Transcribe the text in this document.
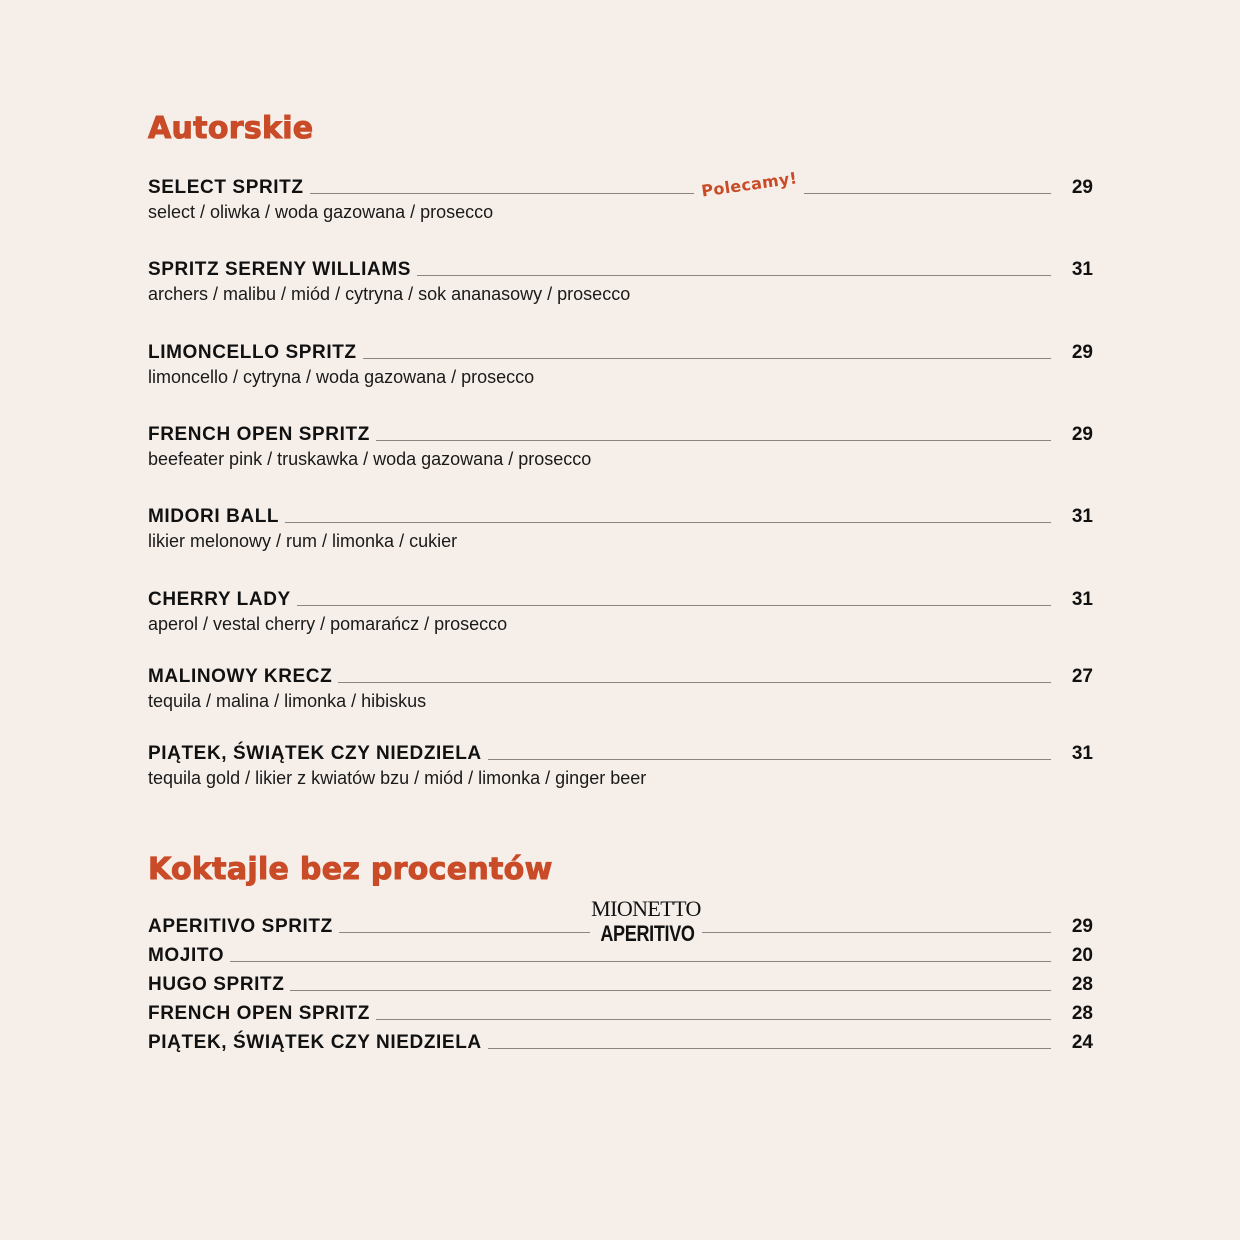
Autorskie
SELECT SPRITZ	29
Polecamy!
select / oliwka / woda gazowana / prosecco
SPRITZ SERENY WILLIAMS	31
archers / malibu / miód / cytryna / sok ananasowy / prosecco
LIMONCELLO SPRITZ	29
limoncello / cytryna / woda gazowana / prosecco
FRENCH OPEN SPRITZ	29
beefeater pink / truskawka / woda gazowana / prosecco
MIDORI BALL	31
likier melonowy / rum / limonka / cukier
CHERRY LADY	31
aperol / vestal cherry / pomarańcz / prosecco
MALINOWY KRECZ	27
tequila / malina / limonka / hibiskus
PIĄTEK, ŚWIĄTEK CZY NIEDZIELA	31
tequila gold / likier z kwiatów bzu / miód / limonka / ginger beer
Koktajle bez procentów
APERITIVO SPRITZ	29
MOJITO	20
HUGO SPRITZ	28
FRENCH OPEN SPRITZ	28
PIĄTEK, ŚWIĄTEK CZY NIEDZIELA	24
MIONETTO
APERITIVO
